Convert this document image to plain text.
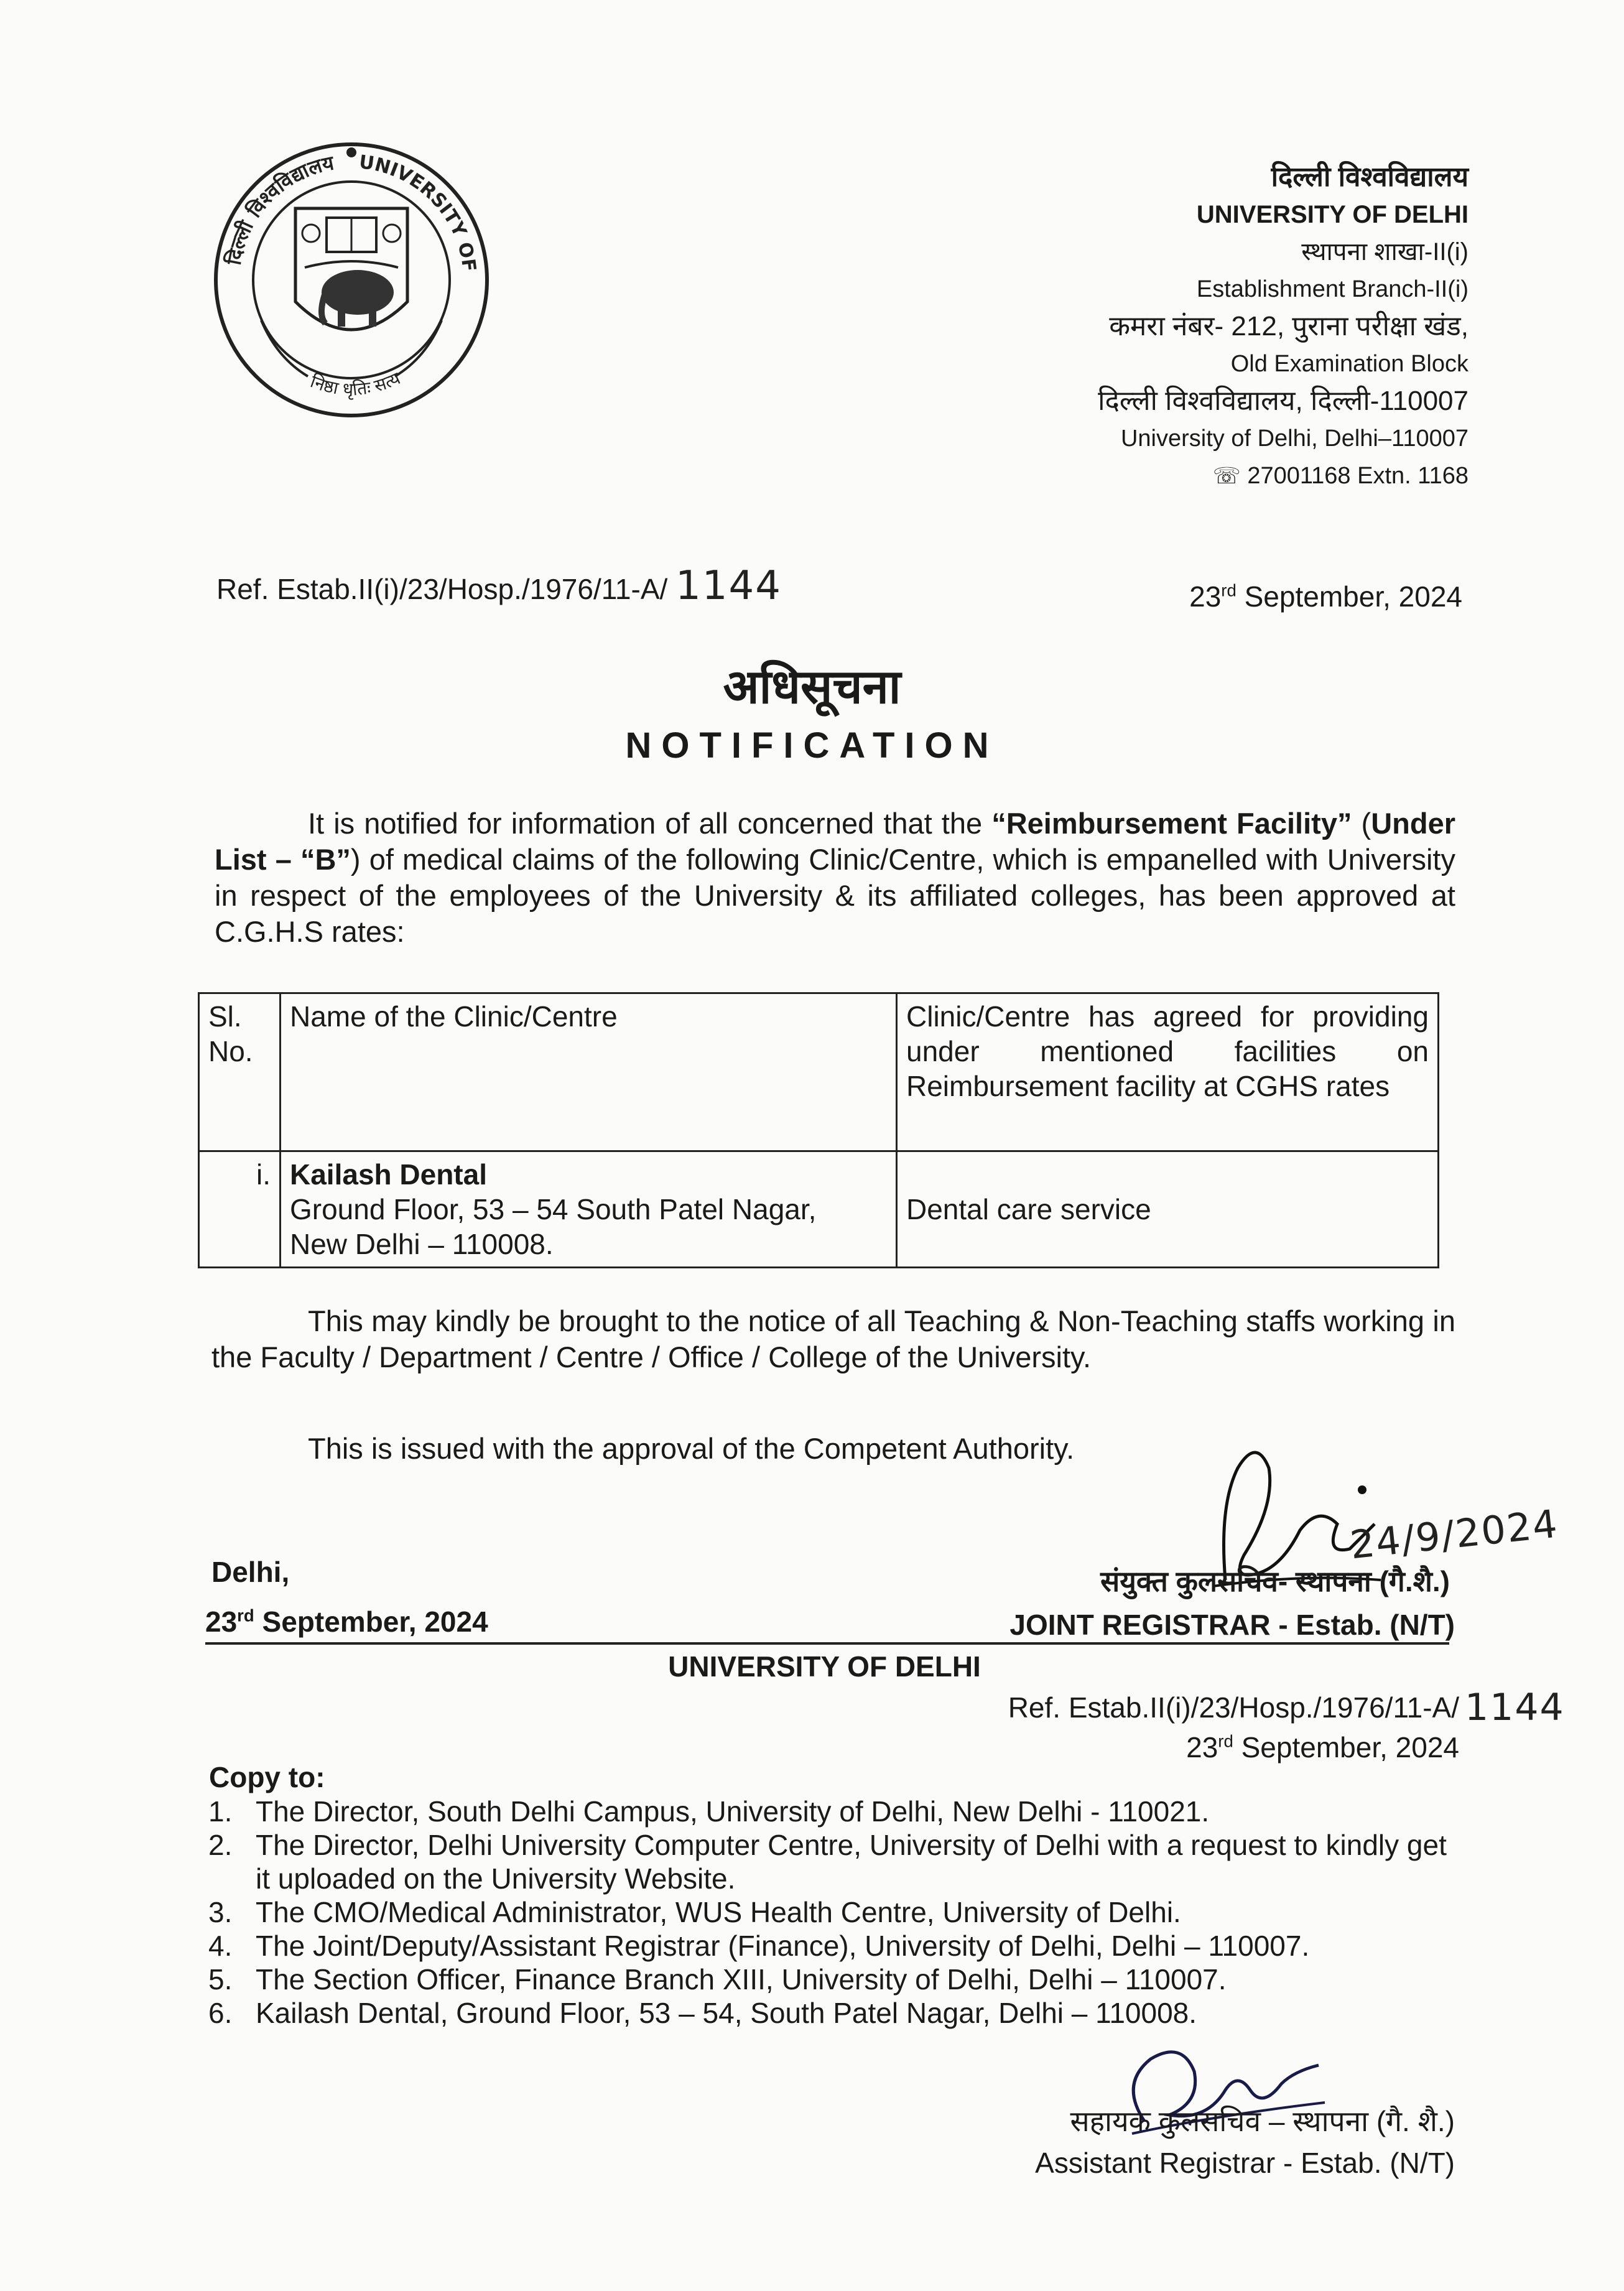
दिल्ली विश्वविद्यालय	UNIVERSITY OF
निष्ठा धृतिः सत्य
दिल्ली विश्वविद्यालय
UNIVERSITY OF DELHI
स्थापना शाखा-II(i)
Establishment Branch-II(i)
कमरा नंबर- 212, पुराना परीक्षा खंड,
Old Examination Block
दिल्ली विश्वविद्यालय, दिल्ली-110007
University of Delhi, Delhi–110007
☏ 27001168 Extn. 1168
Ref. Estab.II(i)/23/Hosp./1976/11-A/ 1144	23rd September, 2024
अधिसूचना
NOTIFICATION
It is notified for information of all concerned that the “Reimbursement Facility” (Under List – “B”) of medical claims of the following Clinic/Centre, which is empanelled with University in respect of the employees of the University & its affiliated colleges, has been approved at C.G.H.S rates:
Sl. No.	Name of the Clinic/Centre	Clinic/Centre has agreed for providing under mentioned facilities on Reimbursement facility at CGHS rates
i.	Kailash Dental
Ground Floor, 53 – 54 South Patel Nagar,
New Delhi – 110008.	Dental care service
This may kindly be brought to the notice of all Teaching & Non-Teaching staffs working in the Faculty / Department / Centre / Office / College of the University.
This is issued with the approval of the Competent Authority.
24/9/2024
Delhi,
23rd September, 2024
संयुक्त कुलसचिव- स्थापना (गै.शै.)
JOINT REGISTRAR - Estab. (N/T)
UNIVERSITY OF DELHI
Ref. Estab.II(i)/23/Hosp./1976/11-A/ 1144
23rd September, 2024
Copy to:
1. The Director, South Delhi Campus, University of Delhi, New Delhi - 110021.
2. The Director, Delhi University Computer Centre, University of Delhi with a request to kindly get it uploaded on the University Website.
3. The CMO/Medical Administrator, WUS Health Centre, University of Delhi.
4. The Joint/Deputy/Assistant Registrar (Finance), University of Delhi, Delhi – 110007.
5. The Section Officer, Finance Branch XIII, University of Delhi, Delhi – 110007.
6. Kailash Dental, Ground Floor, 53 – 54, South Patel Nagar, Delhi – 110008.
सहायक कुलसचिव – स्थापना (गै. शै.)
Assistant Registrar - Estab. (N/T)
